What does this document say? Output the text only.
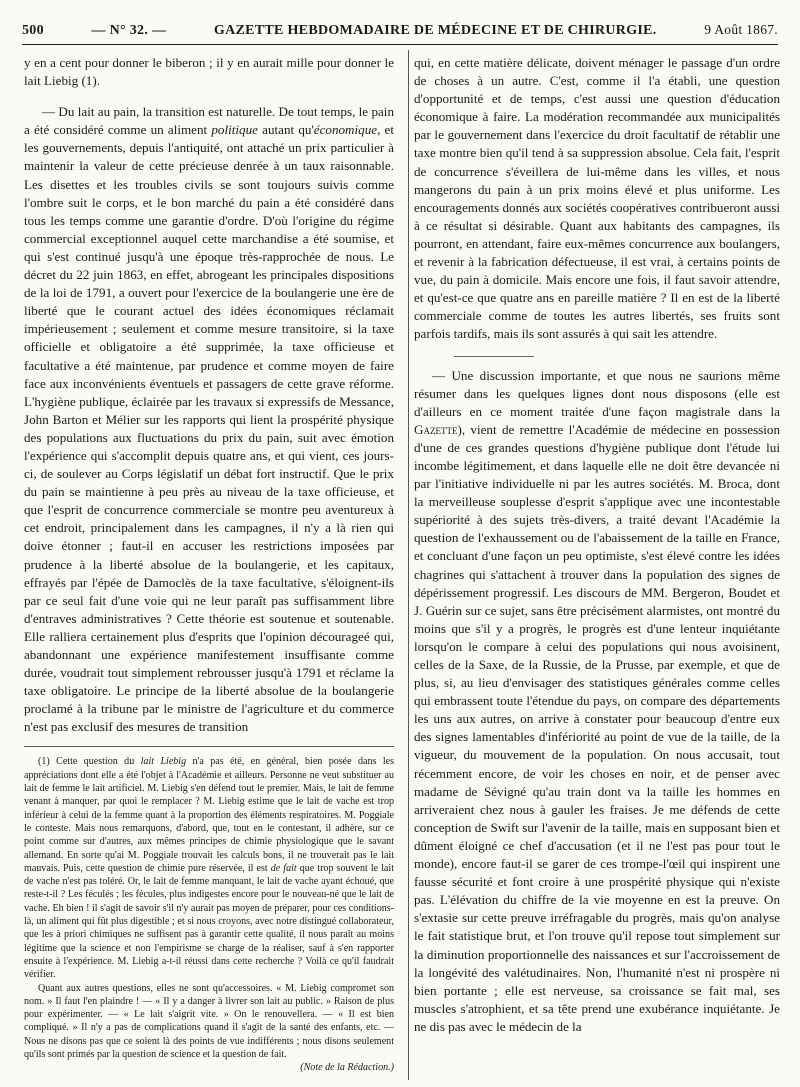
500	— N° 32. —	GAZETTE HEBDOMADAIRE DE MÉDECINE ET DE CHIRURGIE.	9 Août 1867.

y en a cent pour donner le biberon ; il y en aurait mille pour donner le lait Liebig (1).

— Du lait au pain, la transition est naturelle. De tout temps, le pain a été considéré comme un aliment politique autant qu'économique, et les gouvernements, depuis l'antiquité, ont attaché un prix particulier à maintenir la valeur de cette précieuse denrée à un taux raisonnable. Les disettes et les troubles civils se sont toujours suivis comme l'ombre suit le corps, et le bon marché du pain a été considéré dans tous les temps comme une garantie d'ordre. D'où l'origine du régime commercial exceptionnel auquel cette marchandise a été soumise, et qui s'est continué jusqu'à une époque très-rapprochée de nous. Le décret du 22 juin 1863, en effet, abrogeant les principales dispositions de la loi de 1791, a ouvert pour l'exercice de la boulangerie une ère de liberté que le courant actuel des idées économiques réclamait impérieusement ; seulement et comme mesure transitoire, si la taxe officielle et obligatoire a été supprimée, la taxe officieuse et facultative a été maintenue, par prudence et comme moyen de faire face aux inconvénients éventuels et passagers de cette grave réforme. L'hygiène publique, éclairée par les travaux si expressifs de Messance, John Barton et Mélier sur les rapports qui lient la prospérité physique des populations aux fluctuations du prix du pain, suit avec émotion l'expérience qui s'accomplit depuis quatre ans, et qui vient, ces jours-ci, de soulever au Corps législatif un débat fort instructif. Que le prix du pain se maintienne à peu près au niveau de la taxe officieuse, et que l'esprit de concurrence commerciale se montre peu aventureux à cet endroit, principalement dans les campagnes, il n'y a là rien qui doive étonner ; faut-il en accuser les restrictions imposées par prudence à la liberté absolue de la boulangerie, et les capitaux, effrayés par l'épée de Damoclès de la taxe facultative, s'éloignent-ils par ce seul fait d'une voie qui ne leur paraît pas suffisamment libre d'entraves administratives ? Cette théorie est soutenue et soutenable. Elle ralliera certainement plus d'esprits que l'opinion décourageé qui, abandonnant une expérience manifestement insuffisante comme durée, voudrait tout simplement rebrousser jusqu'à 1791 et réclame la taxe obligatoire. Le principe de la liberté absolue de la boulangerie proclamé à la tribune par le ministre de l'agriculture et du commerce n'est pas exclusif des mesures de transition

(1) Cette question du lait Liebig n'a pas été, en général, bien posée dans les appréciations dont elle a été l'objet à l'Académie et ailleurs. Personne ne veut substituer au lait de femme le lait artificiel. M. Liebig s'en défend tout le premier. Mais, le lait de femme venant à manquer, par quoi le remplacer ? M. Liebig estime que le lait de vache est trop inférieur à celui de la femme quant à la proportion des éléments respiratoires. M. Poggiale le conteste. Mais nous remarquons, d'abord, que, tout en le contestant, il adhère, sur ce point comme sur d'autres, aux mêmes principes de chimie physiologique que le savant allemand. En sorte qu'ai M. Poggiale trouvait les calculs bons, il ne trouverait pas le lait mauvais. Puis, cette question de chimie pure réservée, il est de fait que trop souvent le lait de vache n'est pas toléré. Or, le lait de femme manquant, le lait de vache ayant échoué, que reste-t-il ? Les féculés ; les fécules, plus indigestes encore pour le nouveau-né que le lait de vache. Eh bien ! il s'agit de savoir s'il n'y aurait pas moyen de préparer, pour ces conditions-là, un aliment qui fût plus digestible ; et si nous croyons, avec notre distingué collaborateur, que les à priori chimiques ne suffisent pas à garantir cette qualité, il nous paraît au moins légitime que la science et non l'empirisme se charge de la réaliser, sauf à s'en rapporter ensuite à l'expérience. M. Liebig a-t-il réussi dans cette recherche ? Voilà ce qu'il faudrait vérifier.

Quant aux autres questions, elles ne sont qu'accessoires. « M. Liebig compromet son nom. » Il faut l'en plaindre ! — « Il y a danger à livrer son lait au public. » Raison de plus pour expérimenter. — « Le lait s'aigrit vite. » On le renouvellera. — « Il est bien compliqué. » Il n'y a pas de complications quand il s'agit de la santé des enfants, etc. — Nous ne disons pas que ce soient là des points de vue indifférents ; nous disons seulement qu'ils sont primés par la question de science et la question de fait.

(Note de la Rédaction.)

qui, en cette matière délicate, doivent ménager le passage d'un ordre de choses à un autre. C'est, comme il l'a établi, une question d'opportunité et de temps, c'est aussi une question d'éducation économique à faire. La modération recommandée aux municipalités par le gouvernement dans l'exercice du droit facultatif de rétablir une taxe montre bien qu'il tend à sa suppression absolue. Cela fait, l'esprit de concurrence s'éveillera de lui-même dans les villes, et nous mangerons du pain à un prix moins élevé et plus uniforme. Les encouragements donnés aux sociétés coopératives contribueront aussi à ce résultat si désirable. Quant aux habitants des campagnes, ils pourront, en attendant, faire eux-mêmes concurrence aux boulangers, et revenir à la fabrication défectueuse, il est vrai, à certains points de vue, du pain à domicile. Mais encore une fois, il faut savoir attendre, et qu'est-ce que quatre ans en pareille matière ? Il en est de la liberté commerciale comme de toutes les autres libertés, ses fruits sont parfois tardifs, mais ils sont assurés à qui sait les attendre.

— Une discussion importante, et que nous ne saurions même résumer dans les quelques lignes dont nous disposons (elle est d'ailleurs en ce moment traitée d'une façon magistrale dans la Gazette), vient de remettre l'Académie de médecine en possession d'une de ces grandes questions d'hygiène publique dont l'étude lui incombe légitimement, et dans laquelle elle ne doit être devancée ni par l'initiative individuelle ni par les autres sociétés. M. Broca, dont la merveilleuse souplesse d'esprit s'applique avec une incontestable supériorité à des sujets très-divers, a traité devant l'Académie la question de l'exhaussement ou de l'abaissement de la taille en France, et concluant d'une façon un peu optimiste, s'est élevé contre les idées chagrines qui s'attachent à trouver dans la population des signes de dépérissement progressif. Les discours de MM. Bergeron, Boudet et J. Guérin sur ce sujet, sans être précisément alarmistes, ont montré du moins que s'il y a progrès, le progrès est d'une lenteur inquiétante lorsqu'on le compare à celui des populations qui nous avoisinent, celles de la Saxe, de la Russie, de la Prusse, par exemple, et que de plus, si, au lieu d'envisager des statistiques générales comme celles qui embrassent toute l'étendue du pays, on compare des départements les uns aux autres, on arrive à constater pour beaucoup d'entre eux des signes lamentables d'infériorité au point de vue de la taille, de la vigueur, du mouvement de la population. On nous accusait, tout récemment encore, de voir les choses en noir, et de penser avec madame de Sévigné qu'au train dont va la taille les hommes en arriveraient chez nous à gauler les fraises. Je me défends de cette conception de Swift sur l'avenir de la taille, mais en supposant bien et dûment éloigné ce chef d'accusation (et il ne l'est pas pour tout le monde), encore faut-il se garer de ces trompe-l'œil qui inspirent une fausse sécurité et font croire à une prospérité physique qui n'existe pas. L'élévation du chiffre de la vie moyenne en est la preuve. On s'extasie sur cette preuve irréfragable du progrès, mais qu'on analyse le fait statistique brut, et l'on trouve qu'il repose tout simplement sur la diminution proportionnelle des naissances et sur l'accroissement de la longévité des valétudinaires. Non, l'humanité n'est ni prospère ni bien portante ; elle est nerveuse, sa croissance se fait mal, ses muscles s'atrophient, et sa tête prend une exubérance inquiétante. Je ne dis pas avec le médecin de la
